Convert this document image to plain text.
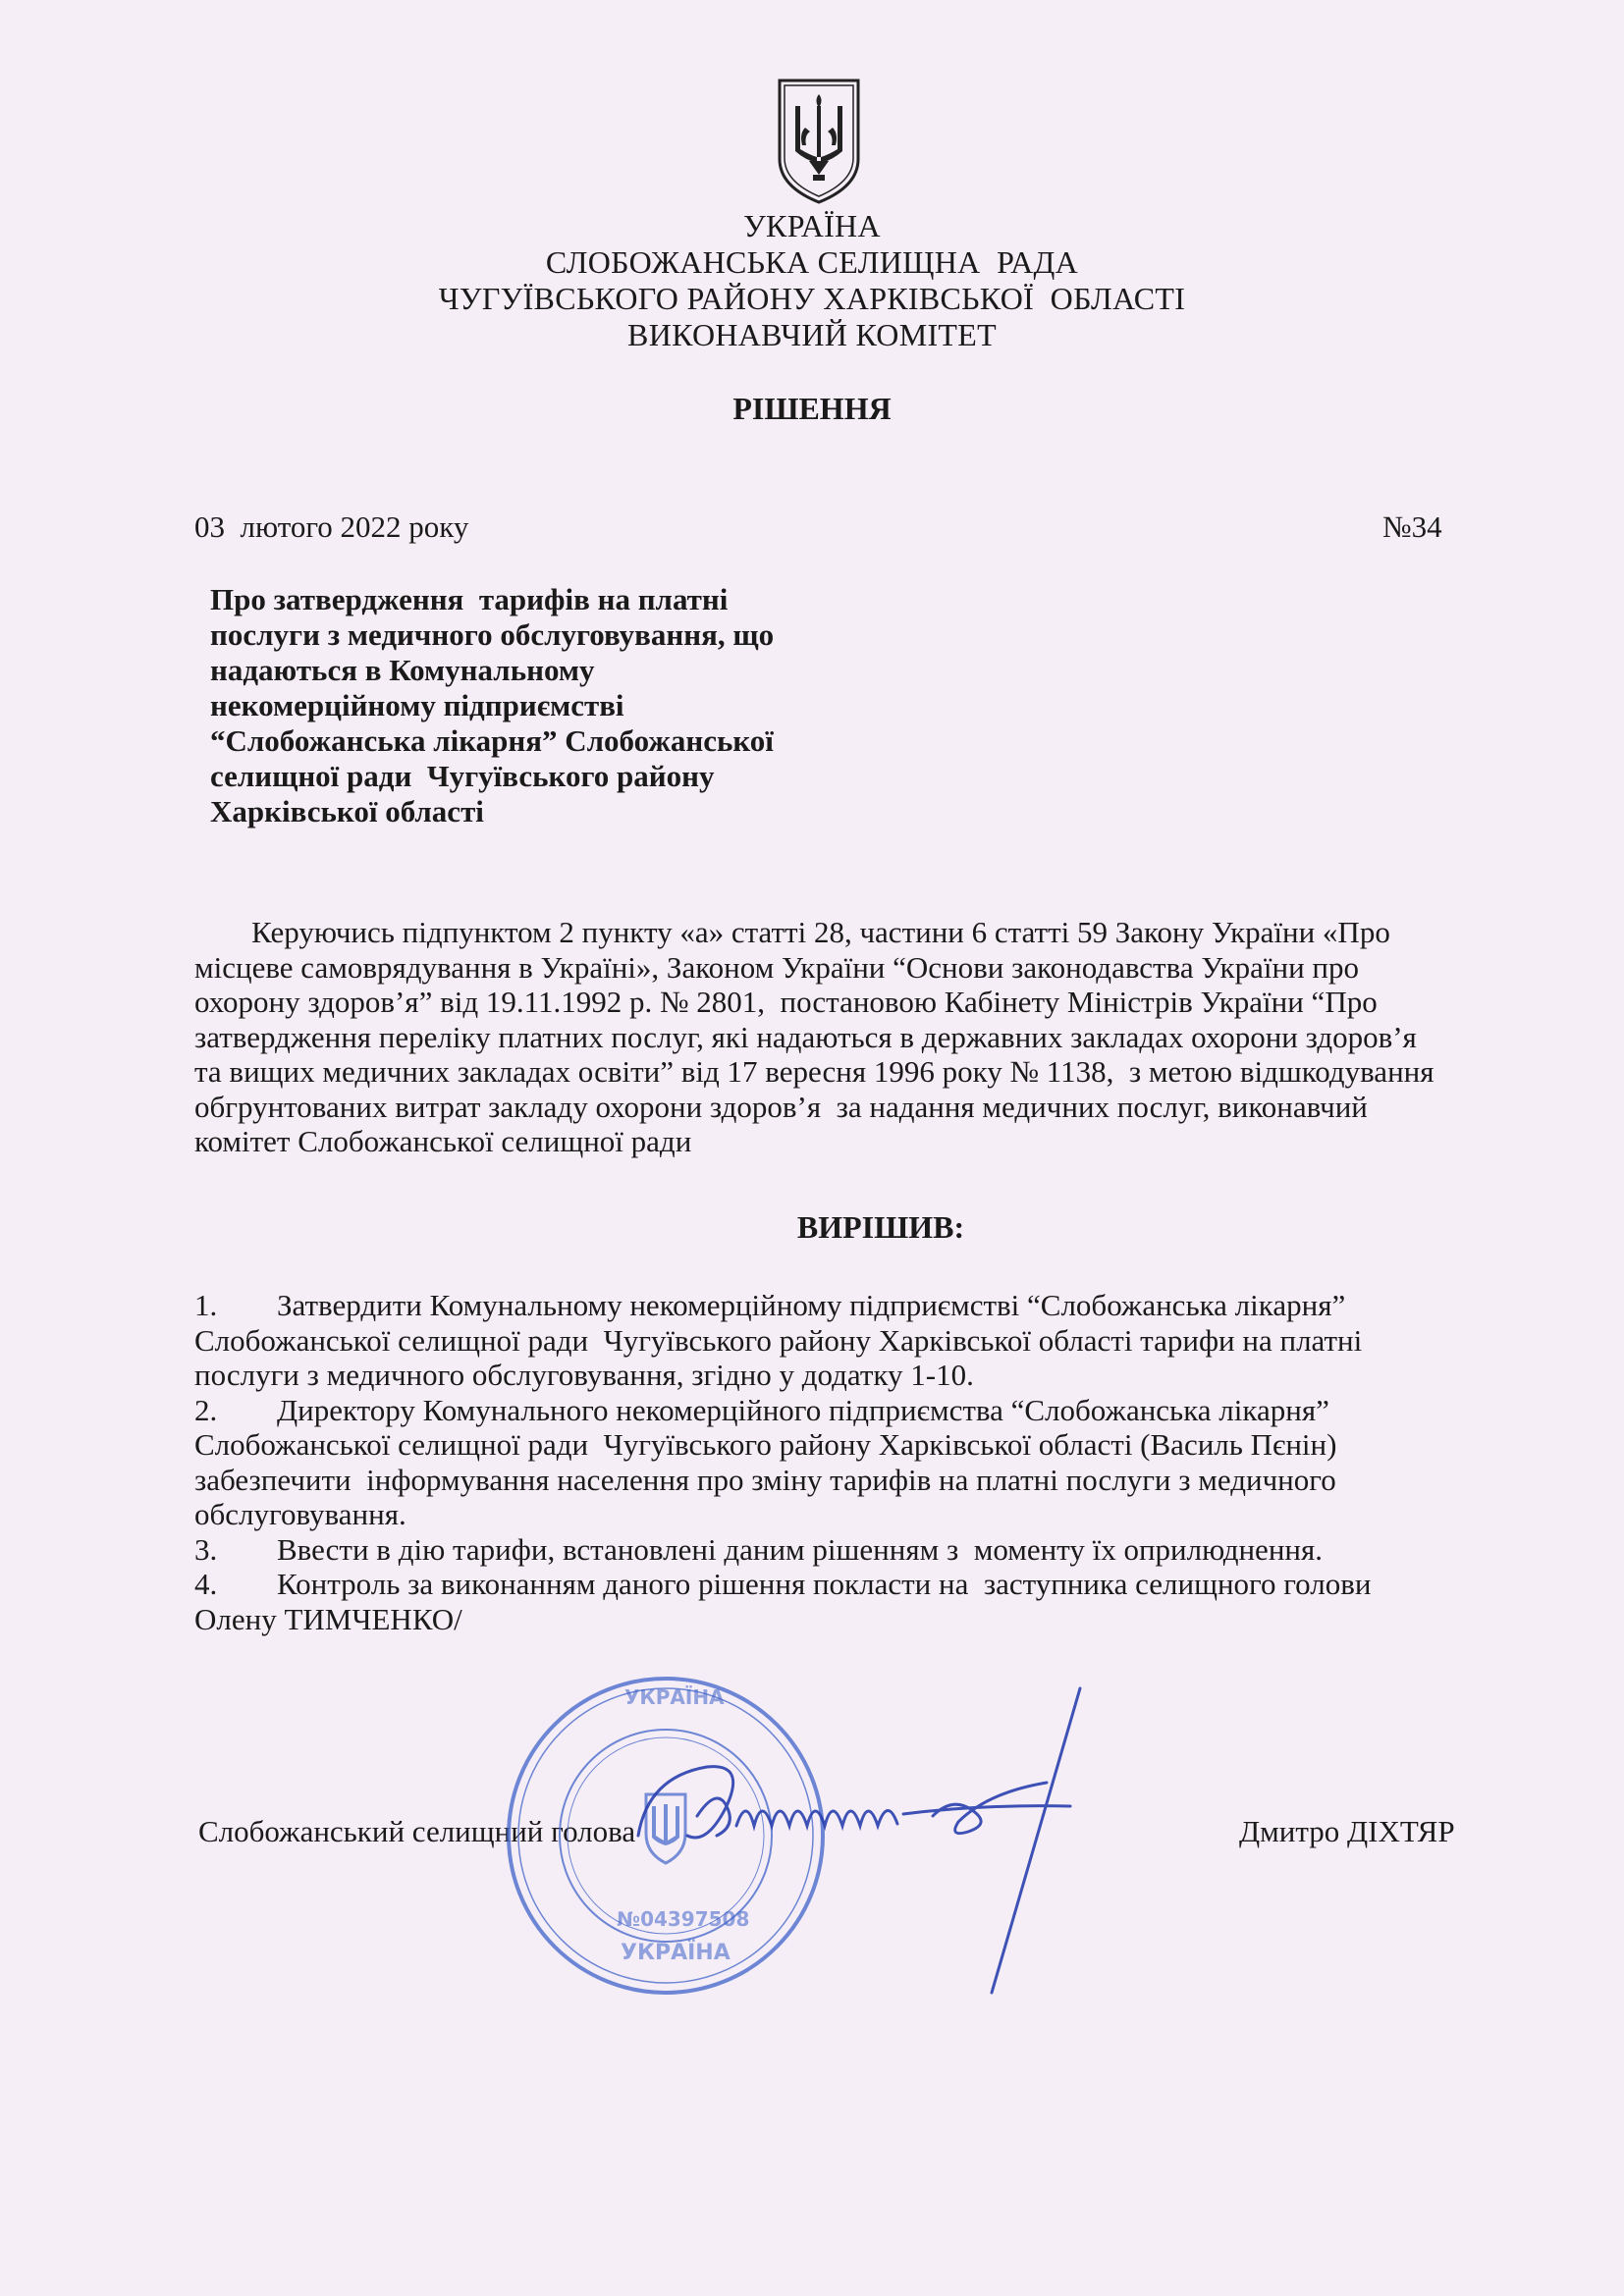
УКРАЇНА
СЛОБОЖАНСЬКА СЕЛИЩНА  РАДА
ЧУГУЇВСЬКОГО РАЙОНУ ХАРКІВСЬКОЇ  ОБЛАСТІ
ВИКОНАВЧИЙ КОМІТЕТ
РІШЕННЯ
03  лютого 2022 року	№34
Про затвердження  тарифів на платні
послуги з медичного обслуговування, що
надаються в Комунальному
некомерційному підприємстві
“Слобожанська лікарня” Слобожанської
селищної ради  Чугуївського району
Харківської області
Керуючись підпунктом 2 пункту «а» статті 28, частини 6 статті 59 Закону України «Про
місцеве самоврядування в Україні», Законом України “Основи законодавства України про
охорону здоров’я” від 19.11.1992 р. № 2801,  постановою Кабінету Міністрів України “Про
затвердження переліку платних послуг, які надаються в державних закладах охорони здоров’я
та вищих медичних закладах освіти” від 17 вересня 1996 року № 1138,  з метою відшкодування
обгрунтованих витрат закладу охорони здоров’я  за надання медичних послуг, виконавчий
комітет Слобожанської селищної ради
ВИРІШИВ:
1. Затвердити Комунальному некомерційному підприємстві “Слобожанська лікарня”
Слобожанської селищної ради  Чугуївського району Харківської області тарифи на платні
послуги з медичного обслуговування, згідно у додатку 1-10.
2. Директору Комунального некомерційного підприємства “Слобожанська лікарня”
Слобожанської селищної ради  Чугуївського району Харківської області (Василь Пєнін)
забезпечити  інформування населення про зміну тарифів на платні послуги з медичного
обслуговування.
3. Ввести в дію тарифи, встановлені даним рішенням з  моменту їх оприлюднення.
4. Контроль за виконанням даного рішення покласти на  заступника селищного голови
Олену ТИМЧЕНКО/
Слобожанський селищний голова	Дмитро ДІХТЯР
№04397508
УКРАЇНА
УКРАЇНА
